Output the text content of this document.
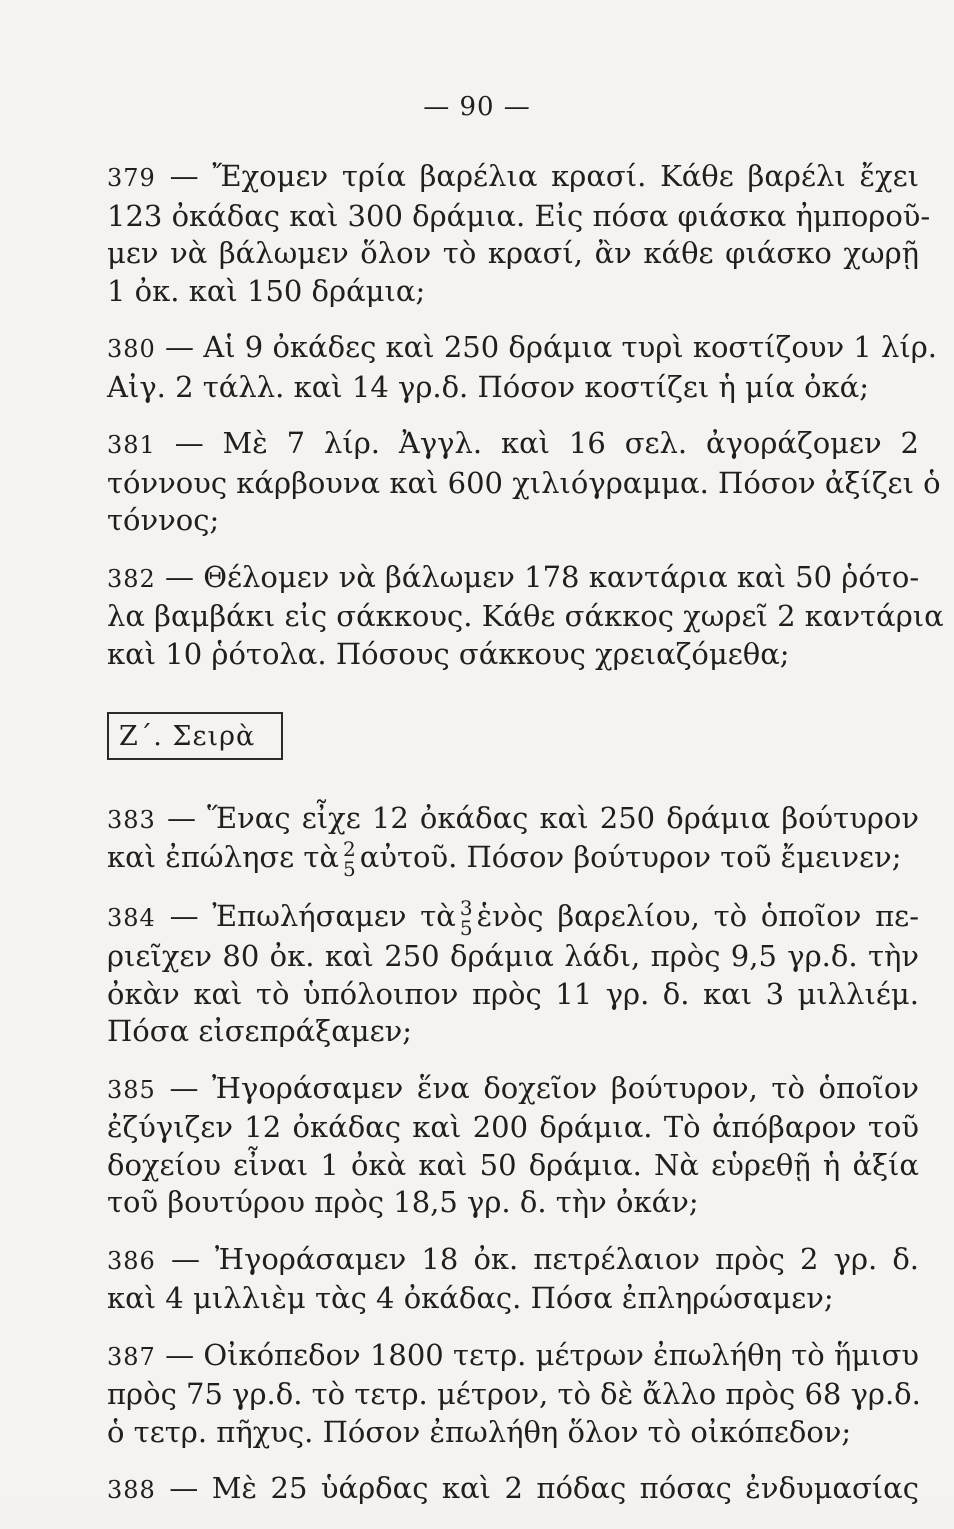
— 90 —
379 — Ἔχομεν τρία βαρέλια κρασί. Κάθε βαρέλι ἔχει
123 ὀκάδας καὶ 300 δράμια. Εἰς πόσα φιάσκα ἠμποροῦ-
μεν νὰ βάλωμεν ὅλον τὸ κρασί, ἂν κάθε φιάσκο χωρῇ
1 ὀκ. καὶ 150 δράμια;
380 — Αἱ 9 ὀκάδες καὶ 250 δράμια τυρὶ κοστίζουν 1 λίρ.
Αἰγ. 2 τάλλ. καὶ 14 γρ.δ. Πόσον κοστίζει ἡ μία ὀκά;
381 — Μὲ 7 λίρ. Ἀγγλ. καὶ 16 σελ. ἀγοράζομεν 2
τόννους κάρβουνα καὶ 600 χιλιόγραμμα. Πόσον ἀξίζει ὁ
τόννος;
382 — Θέλομεν νὰ βάλωμεν 178 καντάρια καὶ 50 ῥότο-
λα βαμβάκι εἰς σάκκους. Κάθε σάκκος χωρεῖ 2 καντάρια
καὶ 10 ῥότολα. Πόσους σάκκους χρειαζόμεθα;
Ζ΄. Σειρὰ
383 — Ἕνας εἶχε 12 ὀκάδας καὶ 250 δράμια βούτυρον
καὶ ἐπώλησε τὰ 2
5 αὐτοῦ. Πόσον βούτυρον τοῦ ἔμεινεν;
384 — Ἐπωλήσαμεν τὰ 3
5 ἑνὸς βαρελίου, τὸ ὁποῖον πε-
ριεῖχεν 80 ὀκ. καὶ 250 δράμια λάδι, πρὸς 9,5 γρ.δ. τὴν
ὀκὰν καὶ τὸ ὑπόλοιπον πρὸς 11 γρ. δ. και 3 μιλλιέμ.
Πόσα εἰσεπράξαμεν;
385 — Ἠγοράσαμεν ἕνα δοχεῖον βούτυρον, τὸ ὁποῖον
ἐζύγιζεν 12 ὀκάδας καὶ 200 δράμια. Τὸ ἀπόβαρον τοῦ
δοχείου εἶναι 1 ὀκὰ καὶ 50 δράμια. Νὰ εὑρεθῇ ἡ ἀξία
τοῦ βουτύρου πρὸς 18,5 γρ. δ. τὴν ὀκάν;
386 — Ἠγοράσαμεν 18 ὀκ. πετρέλαιον πρὸς 2 γρ. δ.
καὶ 4 μιλλιὲμ τὰς 4 ὀκάδας. Πόσα ἐπληρώσαμεν;
387 — Οἰκόπεδον 1800 τετρ. μέτρων ἐπωλήθη τὸ ἥμισυ
πρὸς 75 γρ.δ. τὸ τετρ. μέτρον, τὸ δὲ ἄλλο πρὸς 68 γρ.δ.
ὁ τετρ. πῆχυς. Πόσον ἐπωλήθη ὅλον τὸ οἰκόπεδον;
388 — Μὲ 25 ὑάρδας καὶ 2 πόδας πόσας ἐνδυμασίας
